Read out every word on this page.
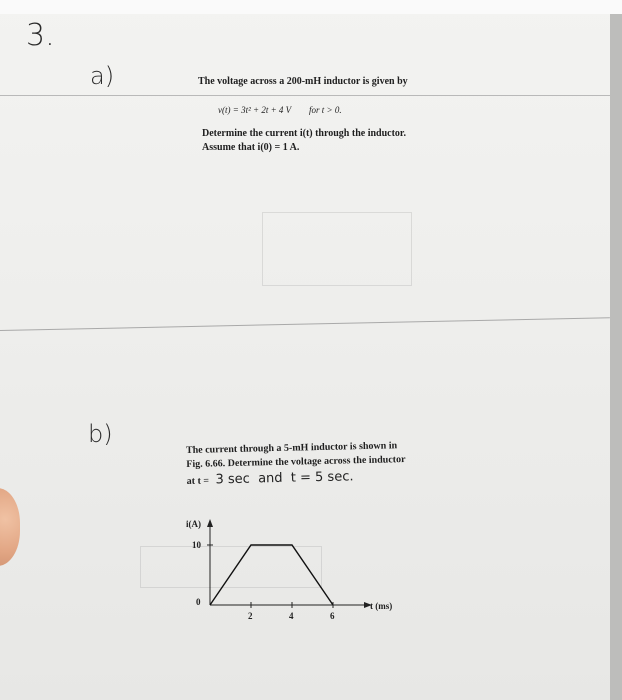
3.
a)	The voltage across a 200-mH inductor is given by
v(t) = 3t² + 2t + 4 V        for t > 0.
Determine the current i(t) through the inductor.
Assume that i(0) = 1 A.
b)
The current through a 5-mH inductor is shown in
Fig. 6.66. Determine the voltage across the inductor
at t = 3 sec  and  t = 5 sec.
i(A)
t (ms)
0
2	4	6
10
